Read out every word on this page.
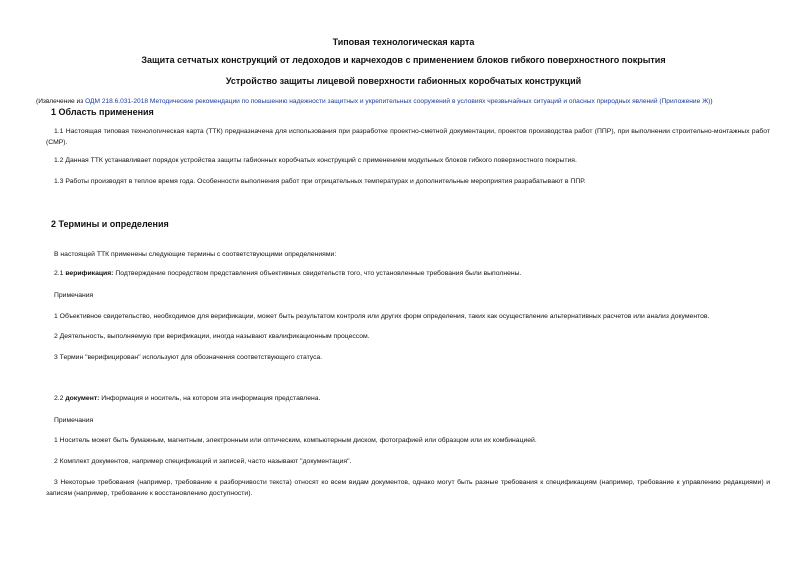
Типовая технологическая карта
Защита сетчатых конструкций от ледоходов и карчеходов с применением блоков гибкого поверхностного покрытия
Устройство защиты лицевой поверхности габионных коробчатых конструкций
(Извлечение из ОДМ 218.6.031-2018 Методические рекомендации по повышению надежности защитных и укрепительных сооружений в условиях чрезвычайных ситуаций и опасных природных явлений (Приложение Ж))
1 Область применения
1.1 Настоящая типовая технологическая карта (ТТК) предназначена для использования при разработке проектно-сметной документации, проектов производства работ (ППР), при выполнении строительно-монтажных работ (СМР).
1.2 Данная ТТК устанавливает порядок устройства защиты габионных коробчатых конструкций с применением модульных блоков гибкого поверхностного покрытия.
1.3 Работы производят в теплое время года. Особенности выполнения работ при отрицательных температурах и дополнительные мероприятия разрабатывают в ППР.
2 Термины и определения
В настоящей ТТК применены следующие термины с соответствующими определениями:
2.1 верификация: Подтверждение посредством представления объективных свидетельств того, что установленные требования были выполнены.
Примечания
1 Объективное свидетельство, необходимое для верификации, может быть результатом контроля или других форм определения, таких как осуществление альтернативных расчетов или анализ документов.
2 Деятельность, выполняемую при верификации, иногда называют квалификационным процессом.
3 Термин "верифицирован" используют для обозначения соответствующего статуса.
2.2 документ: Информация и носитель, на котором эта информация представлена.
Примечания
1 Носитель может быть бумажным, магнитным, электронным или оптическим, компьютерным диском, фотографией или образцом или их комбинацией.
2 Комплект документов, например спецификаций и записей, часто называют "документация".
3 Некоторые требования (например, требование к разборчивости текста) относят ко всем видам документов, однако могут быть разные требования к спецификациям (например, требование к управлению редакциями) и записям (например, требование к восстановлению доступности).
